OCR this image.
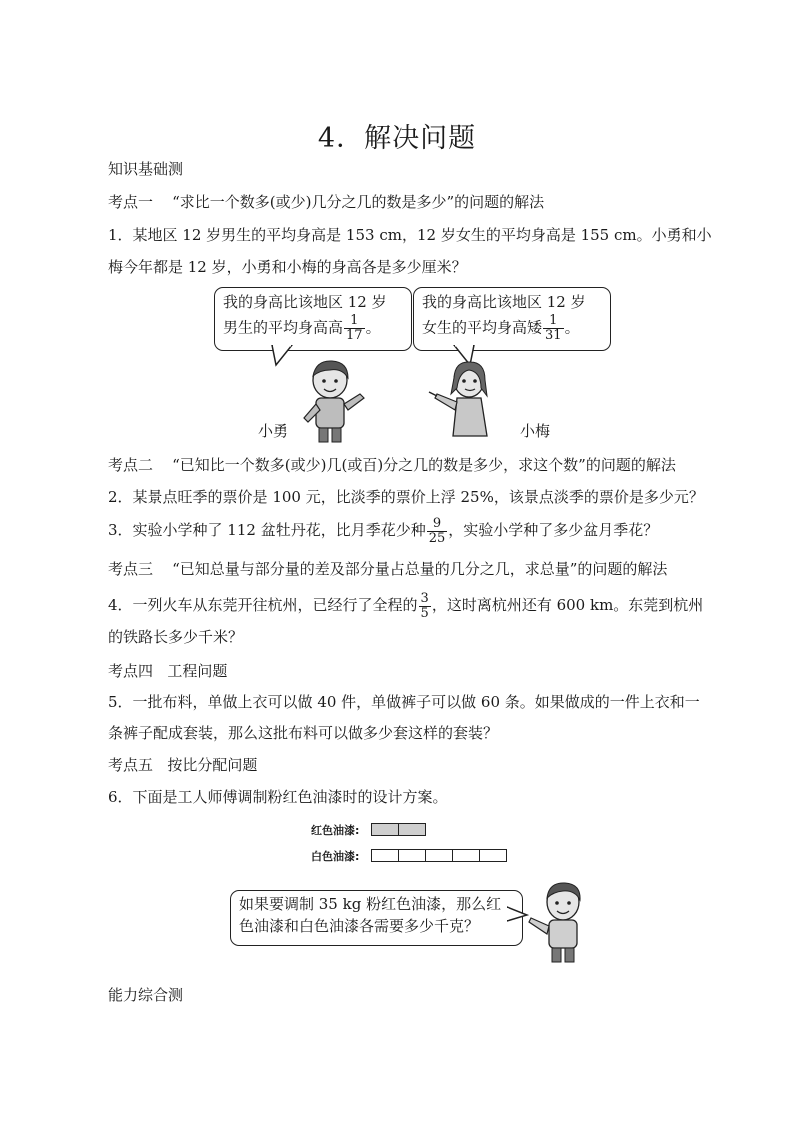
4．解决问题
知识基础测
考点一 “求比一个数多(或少)几分之几的数是多少”的问题的解法
1．某地区 12 岁男生的平均身高是 153 cm，12 岁女生的平均身高是 155 cm。小勇和小
梅今年都是 12 岁，小勇和小梅的身高各是多少厘米？
我的身高比该地区 12 岁
男生的平均身高高 $\frac{1}{17}$ 。
我的身高比该地区 12 岁
女生的平均身高矮 $\frac{1}{31}$ 。
小勇	小梅
考点二 “已知比一个数多(或少)几(或百)分之几的数是多少，求这个数”的问题的解法
2．某景点旺季的票价是 100 元，比淡季的票价上浮 25%，该景点淡季的票价是多少元？
3．实验小学种了 112 盆牡丹花，比月季花少种 $\frac{9}{25}$ ，实验小学种了多少盆月季花？
考点三 “已知总量与部分量的差及部分量占总量的几分之几，求总量”的问题的解法
4．一列火车从东莞开往杭州，已经行了全程的 $\frac{3}{5}$ ，这时离杭州还有 600 km。东莞到杭州
的铁路长多少千米？
考点四 工程问题
5．一批布料，单做上衣可以做 40 件，单做裤子可以做 60 条。如果做成的一件上衣和一
条裤子配成套装，那么这批布料可以做多少套这样的套装？
考点五 按比分配问题
6．下面是工人师傅调制粉红色油漆时的设计方案。
红色油漆:
白色油漆:
如果要调制 35 kg 粉红色油漆，那么红
色油漆和白色油漆各需要多少千克？
能力综合测
